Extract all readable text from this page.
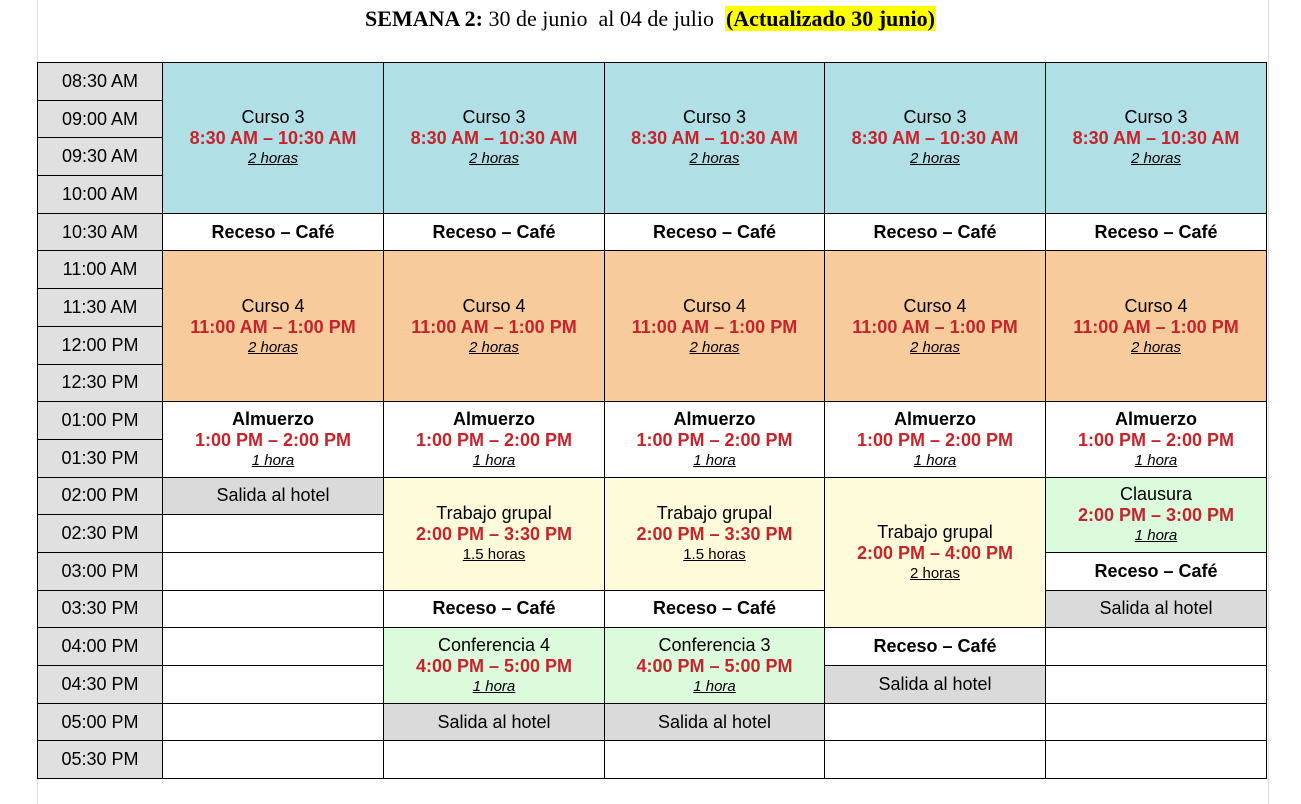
SEMANA 2: 30 de junio  al 04 de julio  (Actualizado 30 junio)
08:30 AM	Curso 3
8:30 AM – 10:30 AM
2 horas	Curso 3
8:30 AM – 10:30 AM
2 horas	Curso 3
8:30 AM – 10:30 AM
2 horas	Curso 3
8:30 AM – 10:30 AM
2 horas	Curso 3
8:30 AM – 10:30 AM
2 horas

09:00 AM					
09:30 AM					
10:00 AM					
10:30 AM	Receso – Café	Receso – Café	Receso – Café	Receso – Café	Receso – Café
11:00 AM	Curso 4
11:00 AM – 1:00 PM
2 horas	Curso 4
11:00 AM – 1:00 PM
2 horas	Curso 4
11:00 AM – 1:00 PM
2 horas	Curso 4
11:00 AM – 1:00 PM
2 horas	Curso 4
11:00 AM – 1:00 PM
2 horas

11:30 AM					
12:00 PM					
12:30 PM					
01:00 PM	Almuerzo
1:00 PM – 2:00 PM
1 hora	Almuerzo
1:00 PM – 2:00 PM
1 hora	Almuerzo
1:00 PM – 2:00 PM
1 hora	Almuerzo
1:00 PM – 2:00 PM
1 hora	Almuerzo
1:00 PM – 2:00 PM
1 hora

01:30 PM					
02:00 PM	Salida al hotel	Trabajo grupal
2:00 PM – 3:30 PM
1.5 horas	Trabajo grupal
2:00 PM – 3:30 PM
1.5 horas	Trabajo grupal
2:00 PM – 4:00 PM
2 horas	Clausura
2:00 PM – 3:00 PM
1 hora

02:30 PM					
03:00 PM					Receso – Café
03:30 PM		Receso – Café	Receso – Café		Salida al hotel
04:00 PM		Conferencia 4
4:00 PM – 5:00 PM
1 hora	Conferencia 3
4:00 PM – 5:00 PM
1 hora	Receso – Café	
04:30 PM				Salida al hotel	
05:00 PM		Salida al hotel	Salida al hotel		
05:30 PM					
